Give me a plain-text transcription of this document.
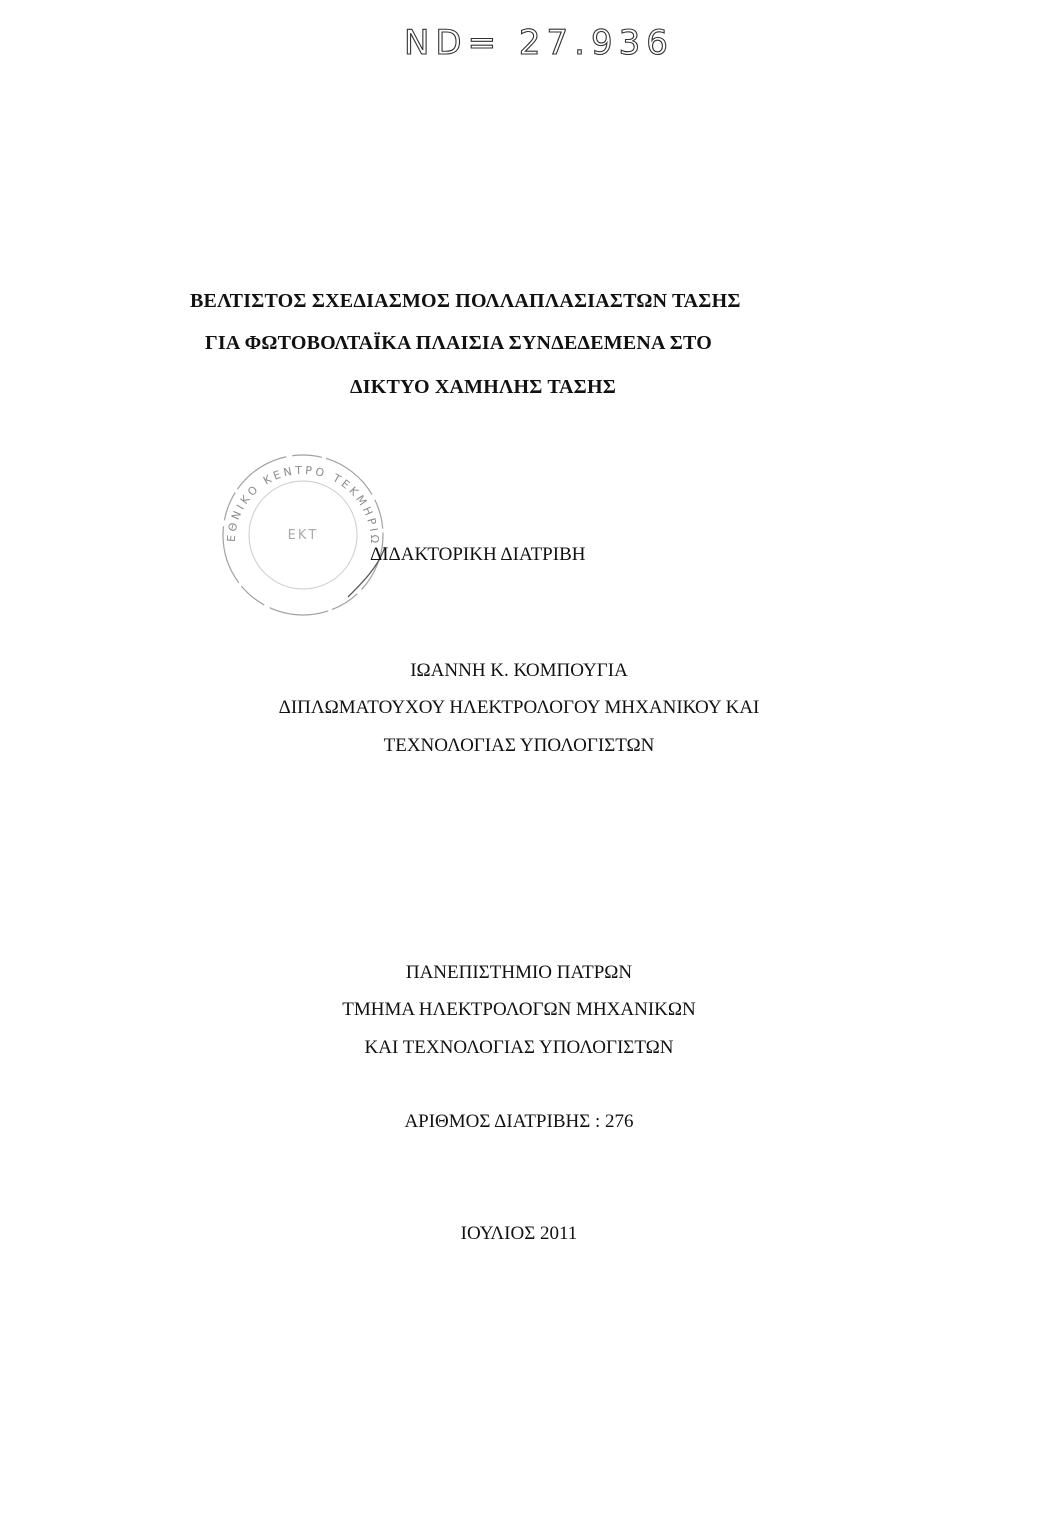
ND= 27.936
ΒΕΛΤΙΣΤΟΣ ΣΧΕΔΙΑΣΜΟΣ ΠΟΛΛΑΠΛΑΣΙΑΣΤΩΝ ΤΑΣΗΣ
ΓΙΑ ΦΩΤΟΒΟΛΤΑΪΚΑ ΠΛΑΙΣΙΑ ΣΥΝΔΕΔΕΜΕΝΑ ΣΤΟ
ΔΙΚΤΥΟ ΧΑΜΗΛΗΣ ΤΑΣΗΣ
ΕΘΝΙΚΟ ΚΕΝΤΡΟ ΤΕΚΜΗΡΙΩ
ΕΚΤ
ΔΙΔΑΚΤΟΡΙΚΗ ΔΙΑΤΡΙΒΗ
ΙΩΑΝΝΗ Κ. ΚΟΜΠΟΥΓΙΑ
ΔΙΠΛΩΜΑΤΟΥΧΟΥ ΗΛΕΚΤΡΟΛΟΓΟΥ ΜΗΧΑΝΙΚΟΥ ΚΑΙ
ΤΕΧΝΟΛΟΓΙΑΣ ΥΠΟΛΟΓΙΣΤΩΝ
ΠΑΝΕΠΙΣΤΗΜΙΟ ΠΑΤΡΩΝ
ΤΜΗΜΑ ΗΛΕΚΤΡΟΛΟΓΩΝ ΜΗΧΑΝΙΚΩΝ
ΚΑΙ ΤΕΧΝΟΛΟΓΙΑΣ ΥΠΟΛΟΓΙΣΤΩΝ
ΑΡΙΘΜΟΣ ΔΙΑΤΡΙΒΗΣ : 276
ΙΟΥΛΙΟΣ 2011
